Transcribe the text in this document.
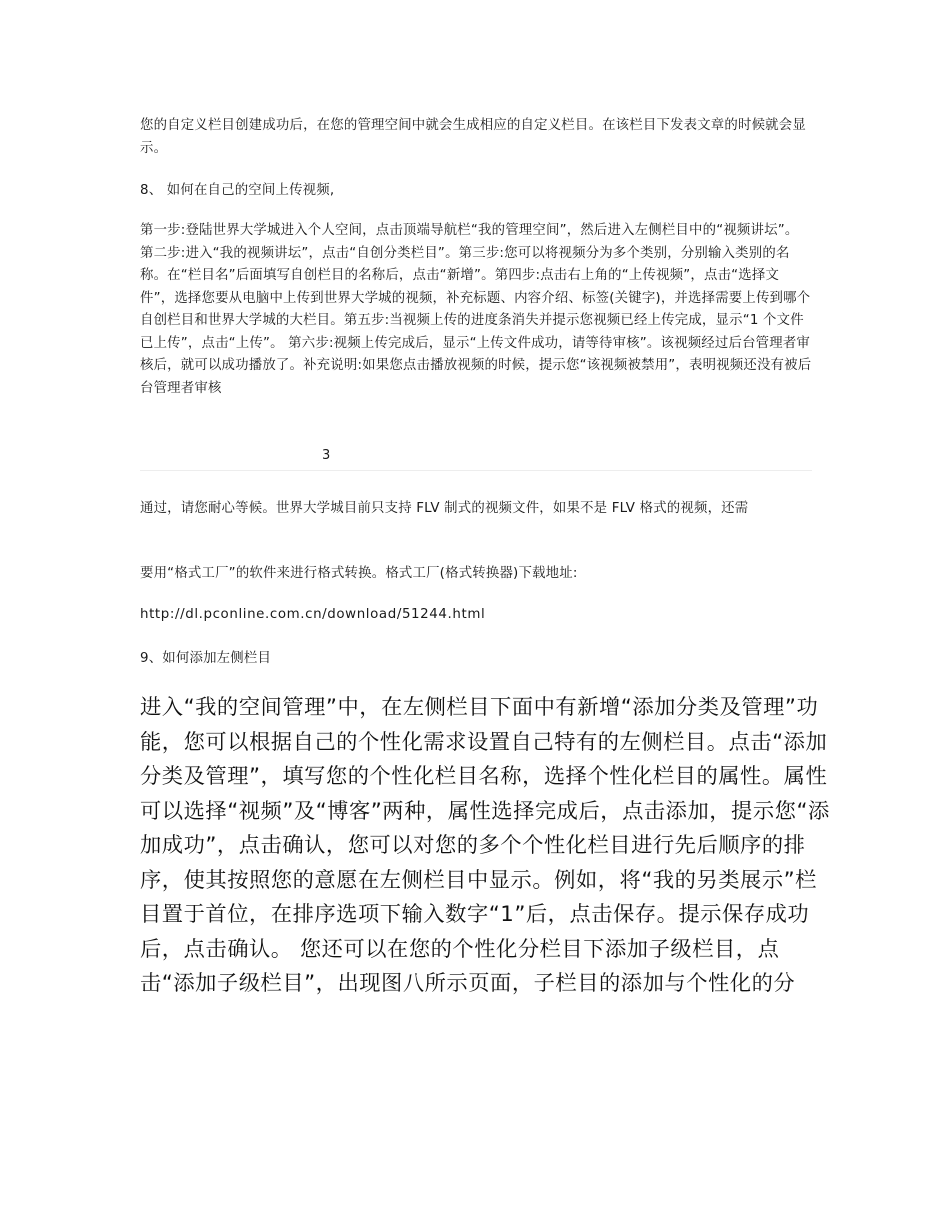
您的自定义栏目创建成功后，在您的管理空间中就会生成相应的自定义栏目。在该栏目下发表文章的时候就会显示。

8、 如何在自己的空间上传视频,

第一步:登陆世界大学城进入个人空间，点击顶端导航栏“我的管理空间”，然后进入左侧栏目中的“视频讲坛”。第二步:进入“我的视频讲坛”，点击“自创分类栏目”。第三步:您可以将视频分为多个类别，分别输入类别的名称。在“栏目名”后面填写自创栏目的名称后，点击“新增”。第四步:点击右上角的“上传视频”，点击“选择文件”，选择您要从电脑中上传到世界大学城的视频，补充标题、内容介绍、标签(关键字)，并选择需要上传到哪个自创栏目和世界大学城的大栏目。第五步:当视频上传的进度条消失并提示您视频已经上传完成，显示“1 个文件已上传”，点击“上传”。 第六步:视频上传完成后，显示“上传文件成功，请等待审核”。该视频经过后台管理者审核后，就可以成功播放了。补充说明:如果您点击播放视频的时候，提示您“该视频被禁用”，表明视频还没有被后台管理者审核

3

通过，请您耐心等候。世界大学城目前只支持 FLV 制式的视频文件，如果不是 FLV 格式的视频，还需

要用“格式工厂”的软件来进行格式转换。格式工厂(格式转换器)下载地址:

http://dl.pconline.com.cn/download/51244.html

9、如何添加左侧栏目

进入“我的空间管理”中，在左侧栏目下面中有新增“添加分类及管理”功能，您可以根据自己的个性化需求设置自己特有的左侧栏目。点击“添加分类及管理”，填写您的个性化栏目名称，选择个性化栏目的属性。属性可以选择“视频”及“博客”两种，属性选择完成后，点击添加，提示您“添加成功”，点击确认，您可以对您的多个个性化栏目进行先后顺序的排序，使其按照您的意愿在左侧栏目中显示。例如，将“我的另类展示”栏目置于首位，在排序选项下输入数字“1”后，点击保存。提示保存成功后，点击确认。 您还可以在您的个性化分栏目下添加子级栏目，点击“添加子级栏目”，出现图八所示页面，子栏目的添加与个性化的分
